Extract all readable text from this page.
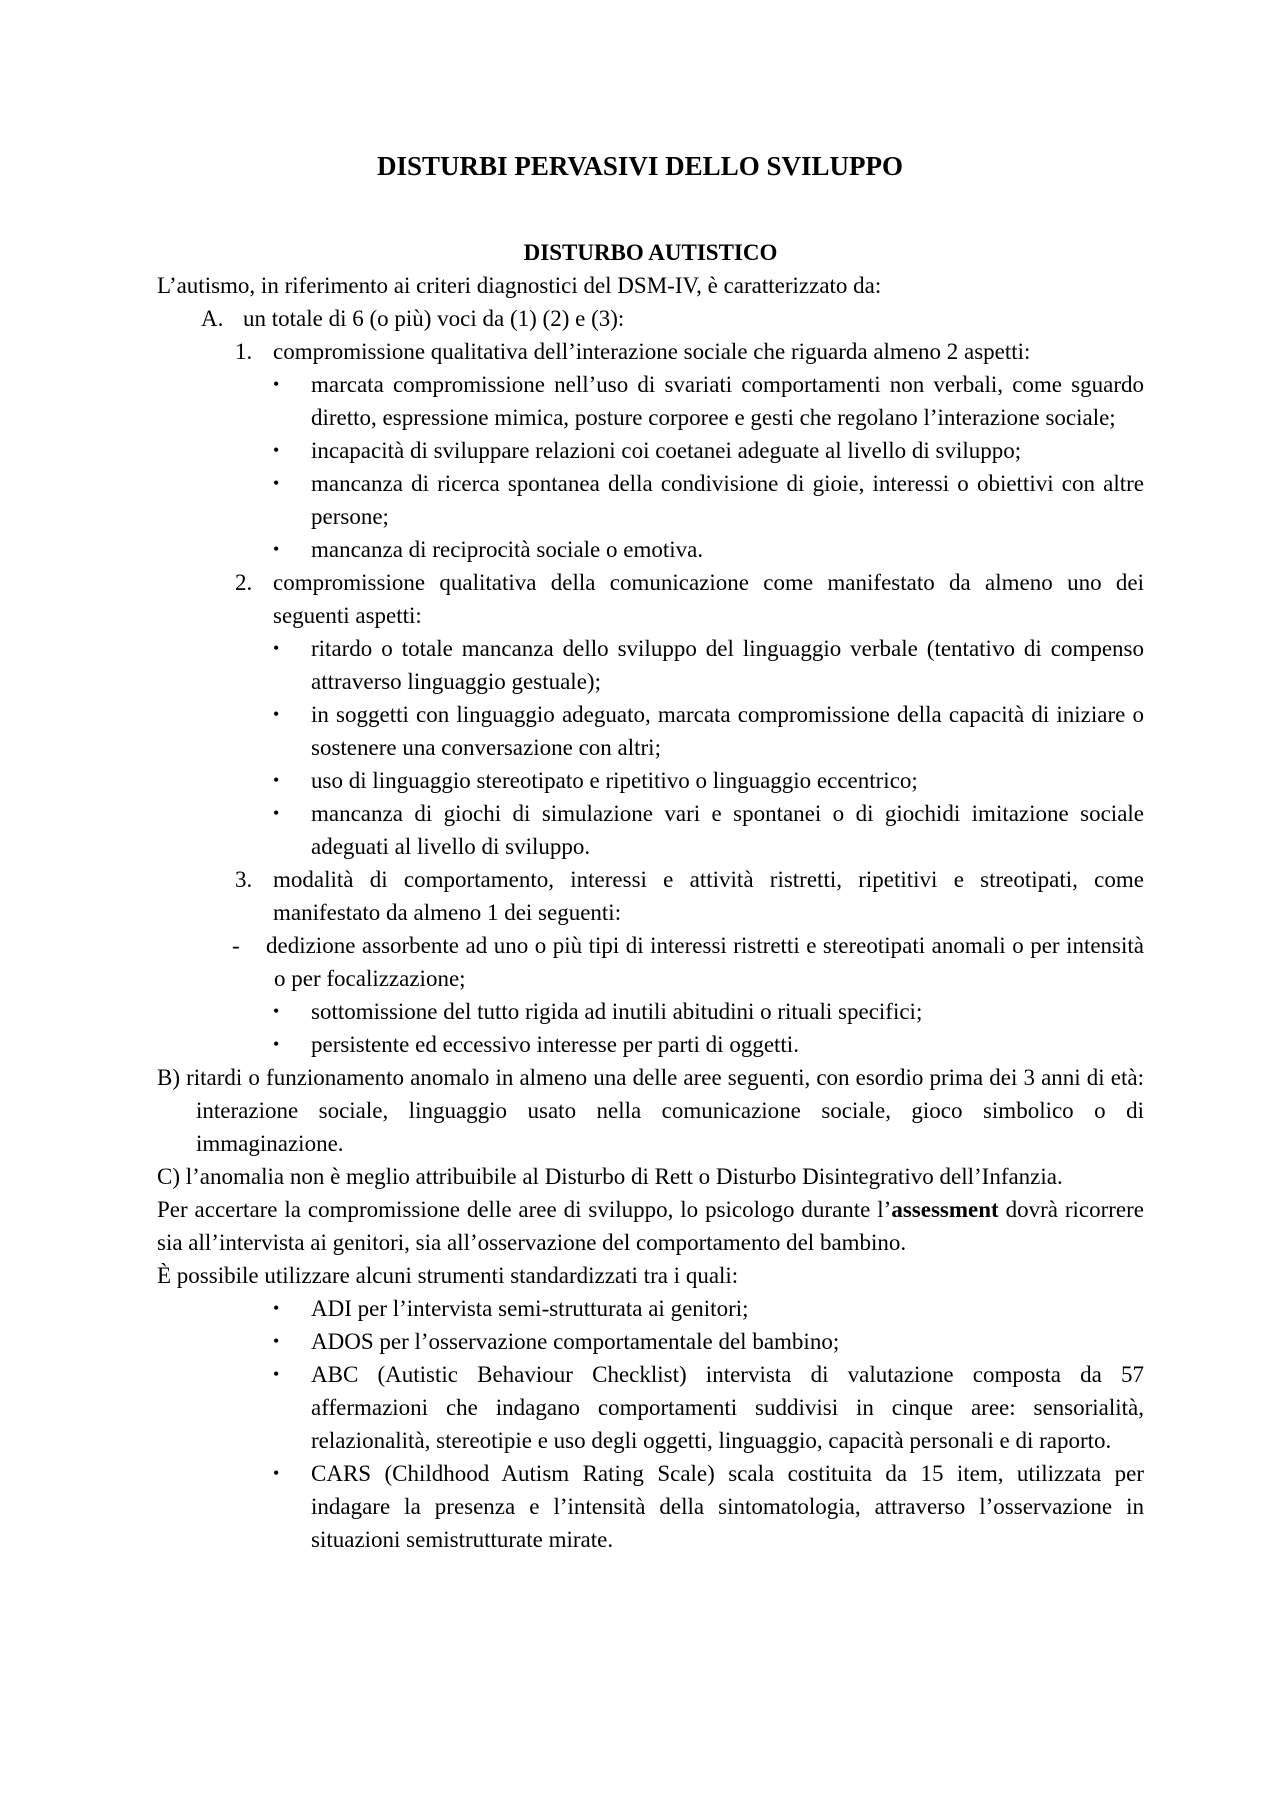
DISTURBI PERVASIVI DELLO SVILUPPO
DISTURBO AUTISTICO

L’autismo, in riferimento ai criteri diagnostici del DSM-IV, è caratterizzato da:

A. un totale di 6 (o più) voci da (1) (2) e (3):

1. compromissione qualitativa dell’interazione sociale che riguarda almeno 2 aspetti:

• marcata compromissione nell’uso di svariati comportamenti non verbali, come sguardo diretto, espressione mimica, posture corporee e gesti che regolano l’interazione sociale;

• incapacità di sviluppare relazioni coi coetanei adeguate al livello di sviluppo;

• mancanza di ricerca spontanea della condivisione di gioie, interessi o obiettivi con altre persone;

• mancanza di reciprocità sociale o emotiva.

2. compromissione qualitativa della comunicazione come manifestato da almeno uno dei seguenti aspetti:

• ritardo o totale mancanza dello sviluppo del linguaggio verbale (tentativo di compenso attraverso linguaggio gestuale);

• in soggetti con linguaggio adeguato, marcata compromissione della capacità di iniziare o sostenere una conversazione con altri;

• uso di linguaggio stereotipato e ripetitivo o linguaggio eccentrico;

• mancanza di giochi di simulazione vari e spontanei o di giochidi imitazione sociale adeguati al livello di sviluppo.

3. modalità di comportamento, interessi e attività ristretti, ripetitivi e streotipati, come manifestato da almeno 1 dei seguenti:

- dedizione assorbente ad uno o più tipi di interessi ristretti e stereotipati anomali o per intensità o per focalizzazione;

• sottomissione del tutto rigida ad inutili abitudini o rituali specifici;

• persistente ed eccessivo interesse per parti di oggetti.

B) ritardi o funzionamento anomalo in almeno una delle aree seguenti, con esordio prima dei 3 anni di età: interazione sociale, linguaggio usato nella comunicazione sociale, gioco simbolico o di immaginazione.

C) l’anomalia non è meglio attribuibile al Disturbo di Rett o Disturbo Disintegrativo dell’Infanzia.

Per accertare la compromissione delle aree di sviluppo, lo psicologo durante l’assessment dovrà ricorrere sia all’intervista ai genitori, sia all’osservazione del comportamento del bambino.

È possibile utilizzare alcuni strumenti standardizzati tra i quali:

• ADI per l’intervista semi-strutturata ai genitori;

• ADOS per l’osservazione comportamentale del bambino;

• ABC (Autistic Behaviour Checklist) intervista di valutazione composta da 57 affermazioni che indagano comportamenti suddivisi in cinque aree: sensorialità, relazionalità, stereotipie e uso degli oggetti, linguaggio, capacità personali e di raporto.

• CARS (Childhood Autism Rating Scale) scala costituita da 15 item, utilizzata per indagare la presenza e l’intensità della sintomatologia, attraverso l’osservazione in situazioni semistrutturate mirate.
